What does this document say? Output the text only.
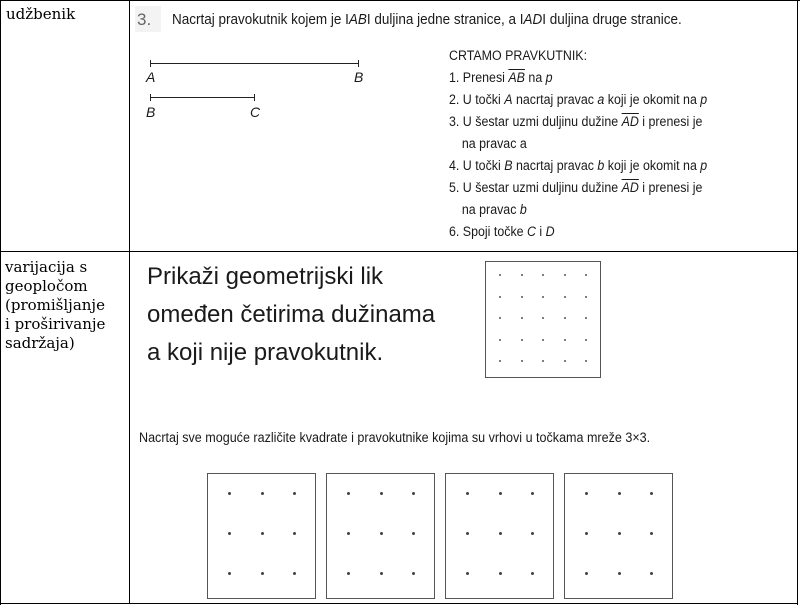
udžbenik
varijacija s
geopločom
(promišljanje
i proširivanje
sadržaja)
3. Nacrtaj pravokutnik kojem je IABI duljina jedne stranice, a IADI duljina druge stranice.
A	B
B	C
CRTAMO PRAVKUTNIK:
1. Prenesi $\overline{AB}$ na p
2. U točki A nacrtaj pravac a koji je okomit na p
3. U šestar uzmi duljinu dužine $\overline{AD}$ i prenesi je
na pravac a
4. U točki B nacrtaj pravac b koji je okomit na p
5. U šestar uzmi duljinu dužine $\overline{AD}$ i prenesi je
na pravac b
6. Spoji točke C i D
Prikaži geometrijski lik
omeđen četirima dužinama
a koji nije pravokutnik.
Nacrtaj sve moguće različite kvadrate i pravokutnike kojima su vrhovi u točkama mreže 3×3.
